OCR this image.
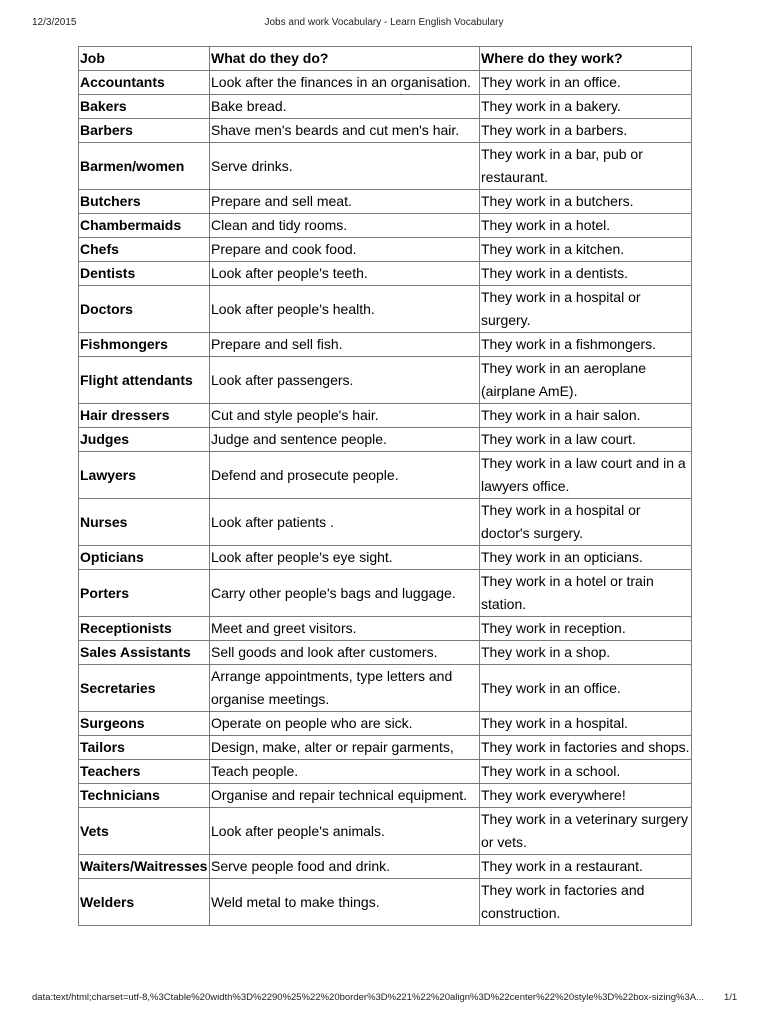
12/3/2015	Jobs and work Vocabulary - Learn English Vocabulary
Job	What do they do?	Where do they work?
Accountants	Look after the finances in an organisation.	They work in an office.
Bakers	Bake bread.	They work in a bakery.
Barbers	Shave men's beards and cut men's hair.	They work in a barbers.
Barmen/women	Serve drinks.	They work in a bar, pub or restaurant.
Butchers	Prepare and sell meat.	They work in a butchers.
Chambermaids	Clean and tidy rooms.	They work in a hotel.
Chefs	Prepare and cook food.	They work in a kitchen.
Dentists	Look after people's teeth.	They work in a dentists.
Doctors	Look after people's health.	They work in a hospital or surgery.
Fishmongers	Prepare and sell fish.	They work in a fishmongers.
Flight attendants	Look after passengers.	They work in an aeroplane (airplane AmE).
Hair dressers	Cut and style people's hair.	They work in a hair salon.
Judges	Judge and sentence people.	They work in a law court.
Lawyers	Defend and prosecute people.	They work in a law court and in a lawyers office.
Nurses	Look after patients .	They work in a hospital or doctor's surgery.
Opticians	Look after people's eye sight.	They work in an opticians.
Porters	Carry other people's bags and luggage.	They work in a hotel or train station.
Receptionists	Meet and greet visitors.	They work in reception.
Sales Assistants	Sell goods and look after customers.	They work in a shop.
Secretaries	Arrange appointments, type letters and organise meetings.	They work in an office.
Surgeons	Operate on people who are sick.	They work in a hospital.
Tailors	Design, make, alter or repair garments,	They work in factories and shops.
Teachers	Teach people.	They work in a school.
Technicians	Organise and repair technical equipment.	They work everywhere!
Vets	Look after people's animals.	They work in a veterinary surgery or vets.
Waiters/Waitresses	Serve people food and drink.	They work in a restaurant.
Welders	Weld metal to make things.	They work in factories and construction.
data:text/html;charset=utf-8,%3Ctable%20width%3D%2290%25%22%20border%3D%221%22%20align%3D%22center%22%20style%3D%22box-sizing%3A...	1/1
